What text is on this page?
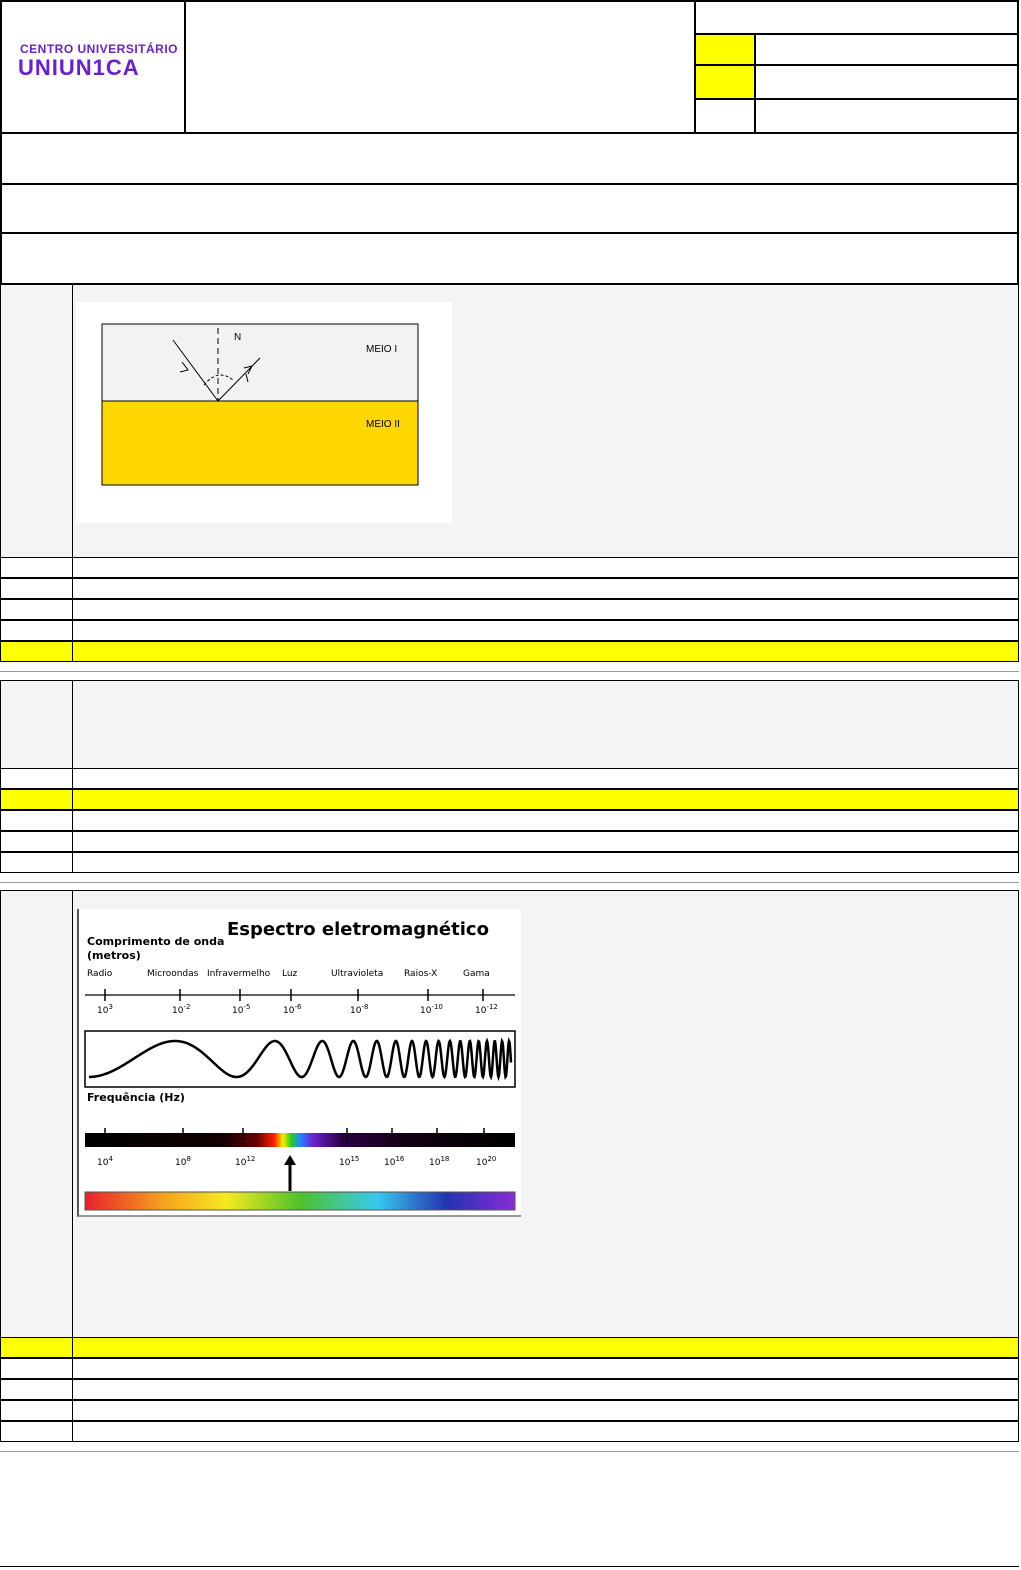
CENTRO UNIVERSITÁRIO
UNIUN1CA
N
MEIO I
MEIO II
Espectro eletromagnético
Comprimento de onda
(metros)
Radio	Microondas Infravermelho Luz	Ultravioleta Raios-X	Gama
$10^3$	$10^{-2}$	$10^{-5}$	$10^{-6}$	$10^{-8}$	$10^{-10}$	$10^{-12}$
Frequência (Hz)
$10^4$	$10^8$	$10^{12}$	$10^{15}$	$10^{16}$	$10^{18}$	$10^{20}$
